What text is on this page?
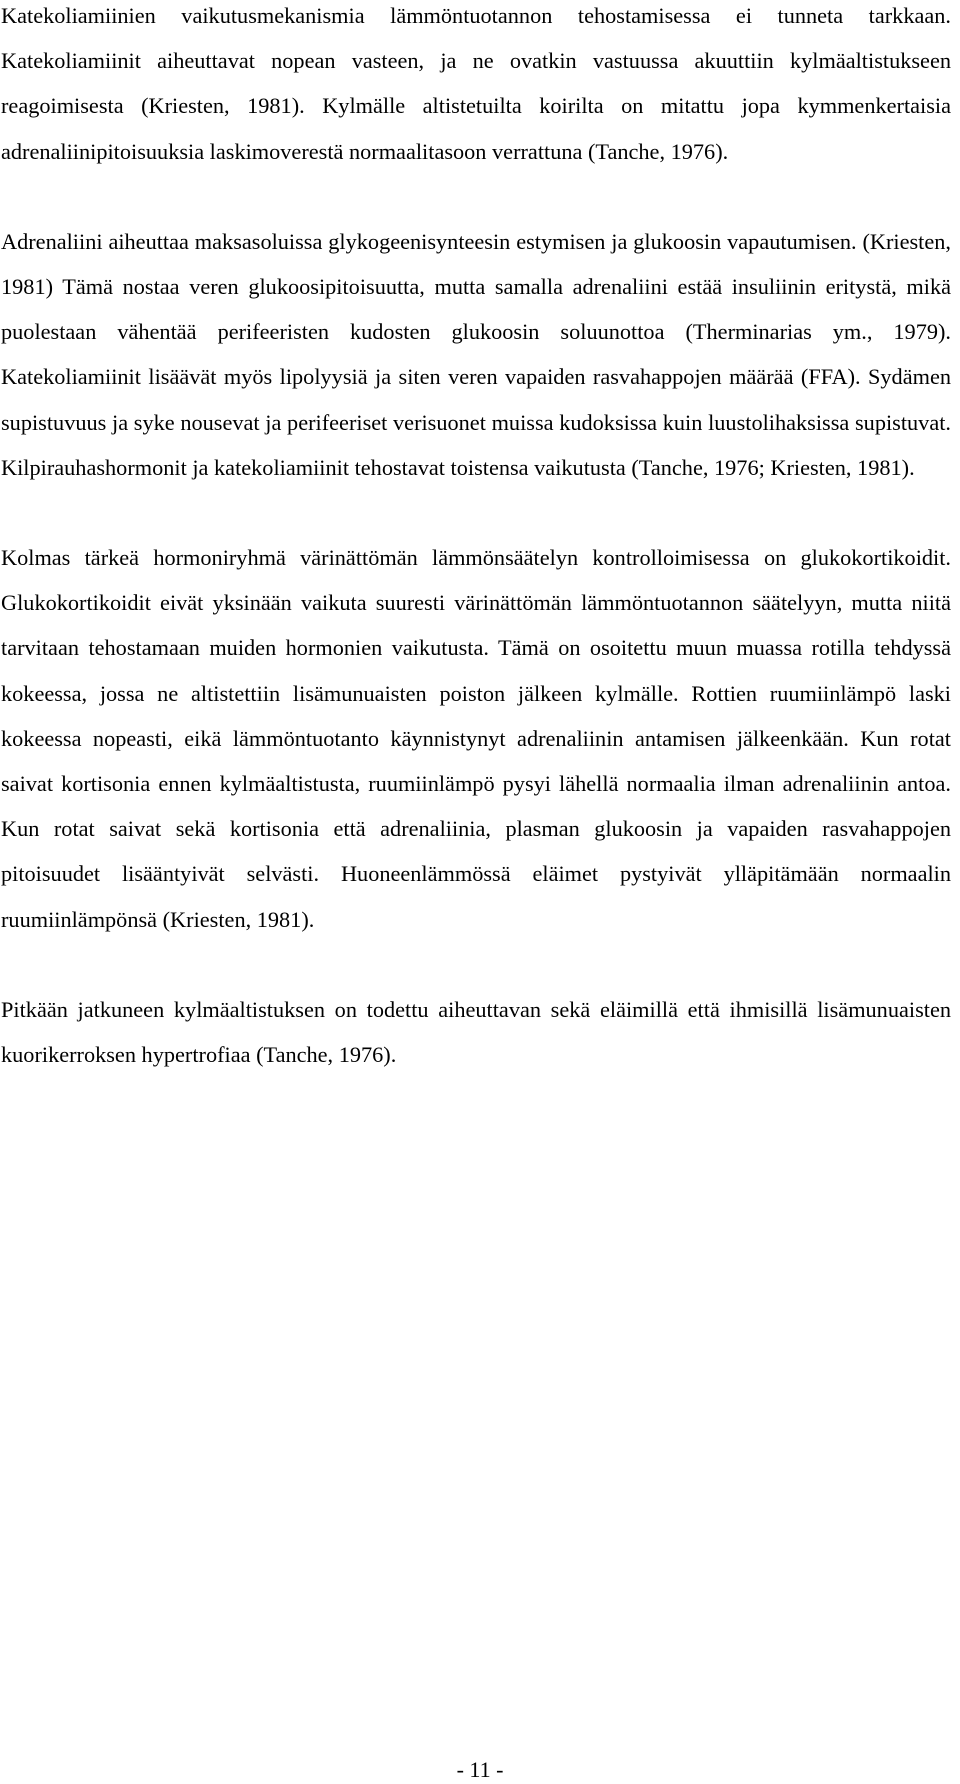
Katekoliamiinien vaikutusmekanismia lämmöntuotannon tehostamisessa ei tunneta tarkkaan. Katekoliamiinit aiheuttavat nopean vasteen, ja ne ovatkin vastuussa akuuttiin kylmäaltistukseen reagoimisesta (Kriesten, 1981). Kylmälle altistetuilta koirilta on mitattu jopa kymmenkertaisia adrenaliinipitoisuuksia laskimoverestä normaalitasoon verrattuna (Tanche, 1976).

Adrenaliini aiheuttaa maksasoluissa glykogeenisynteesin estymisen ja glukoosin vapautumisen. (Kriesten, 1981) Tämä nostaa veren glukoosipitoisuutta, mutta samalla adrenaliini estää insuliinin eritystä, mikä puolestaan vähentää perifeeristen kudosten glukoosin soluunottoa (Therminarias ym., 1979). Katekoliamiinit lisäävät myös lipolyysiä ja siten veren vapaiden rasvahappojen määrää (FFA). Sydämen supistuvuus ja syke nousevat ja perifeeriset verisuonet muissa kudoksissa kuin luustolihaksissa supistuvat. Kilpirauhashormonit ja katekoliamiinit tehostavat toistensa vaikutusta (Tanche, 1976; Kriesten, 1981).

Kolmas tärkeä hormoniryhmä värinättömän lämmönsäätelyn kontrolloimisessa on glukokortikoidit. Glukokortikoidit eivät yksinään vaikuta suuresti värinättömän lämmöntuotannon säätelyyn, mutta niitä tarvitaan tehostamaan muiden hormonien vaikutusta. Tämä on osoitettu muun muassa rotilla tehdyssä kokeessa, jossa ne altistettiin lisämunuaisten poiston jälkeen kylmälle. Rottien ruumiinlämpö laski kokeessa nopeasti, eikä lämmöntuotanto käynnistynyt adrenaliinin antamisen jälkeenkään. Kun rotat saivat kortisonia ennen kylmäaltistusta, ruumiinlämpö pysyi lähellä normaalia ilman adrenaliinin antoa. Kun rotat saivat sekä kortisonia että adrenaliinia, plasman glukoosin ja vapaiden rasvahappojen pitoisuudet lisääntyivät selvästi. Huoneenlämmössä eläimet pystyivät ylläpitämään normaalin ruumiinlämpönsä (Kriesten, 1981).

Pitkään jatkuneen kylmäaltistuksen on todettu aiheuttavan sekä eläimillä että ihmisillä lisämunuaisten kuorikerroksen hypertrofiaa (Tanche, 1976).

- 11 -
